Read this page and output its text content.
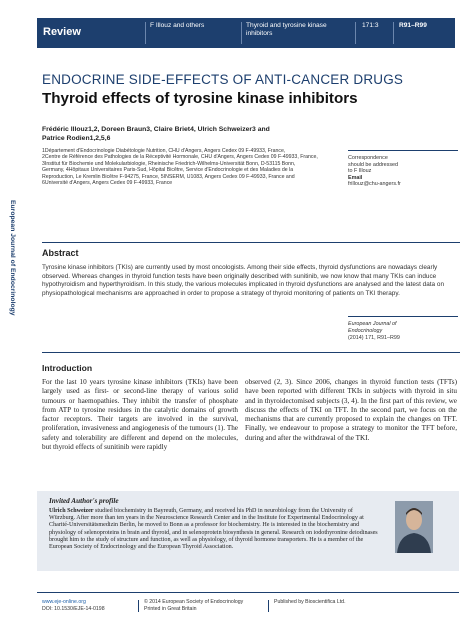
Review
F Illouz and others	Thyroid and tyrosine kinase inhibitors
171:3	R91–R99
European Journal of Endocrinology
ENDOCRINE SIDE-EFFECTS OF ANTI-CANCER DRUGS
Thyroid effects of tyrosine kinase inhibitors
Frédéric Illouz1,2, Doreen Braun3, Claire Briet4, Ulrich Schweizer3 and
Patrice Rodien1,2,5,6
1Département d'Endocrinologie Diabétologie Nutrition, CHU d'Angers, Angers Cedex 09 F-49933, France,
2Centre de Référence des Pathologies de la Réceptivité Hormonale, CHU d'Angers, Angers Cedex 09 F-49933, France,
3Institut für Biochemie und Molekularbiologie, Rheinische Friedrich-Wilhelms-Universität Bonn, D-53115 Bonn,
Germany, 4Hôpitaux Universitaires Paris-Sud, Hôpital Bicêtre, Service d'Endocrinologie et des Maladies de la
Reproduction, Le Kremlin Bicêtre F-94275, France, 5INSERM, U1083, Angers Cedex 09 F-49933, France and
6Université d'Angers, Angers Cedex 09 F-49933, France
Correspondence
should be addressed
to F Illouz
Email
frillouz@chu-angers.fr
Abstract
Tyrosine kinase inhibitors (TKIs) are currently used by most oncologists. Among their side effects, thyroid dysfunctions are nowadays clearly observed. Whereas changes in thyroid function tests have been originally described with sunitinib, we now know that many TKIs can induce hypothyroidism and hyperthyroidism. In this study, the various molecules implicated in thyroid dysfunctions are analysed and the latest data on physiopathological mechanisms are approached in order to propose a strategy of thyroid monitoring of patients on TKI therapy.
European Journal of
Endocrinology
(2014) 171, R91–R99
Introduction
For the last 10 years tyrosine kinase inhibitors (TKIs) have been largely used as first- or second-line therapy of various solid tumours or haemopathies. They inhibit the transfer of phosphate from ATP to tyrosine residues in the catalytic domains of growth factor receptors. Their targets are involved in the survival, proliferation, invasiveness and angiogenesis of the tumours (1). The safety and tolerability are different and depend on the molecules, but thyroid effects of sunitinib were rapidly
observed (2, 3). Since 2006, changes in thyroid function tests (TFTs) have been reported with different TKIs in subjects with thyroid in situ and in thyroidectomised subjects (3, 4). In the first part of this review, we discuss the effects of TKI on TFT. In the second part, we focus on the mechanisms that are currently proposed to explain the changes on TFT. Finally, we endeavour to propose a strategy to monitor the TFT before, during and after the withdrawal of the TKI.
Invited Author's profile
Ulrich Schweizer studied biochemistry in Bayreuth, Germany, and received his PhD in neurobiology from the University of Würzburg. After more than ten years in the Neuroscience Research Center and in the Institute for Experimental Endocrinology at Charité-Universitätsmedizin Berlin, he moved to Bonn as a professor for biochemistry. He is interested in the biochemistry and physiology of selenoproteins in brain and thyroid, and in selenoprotein biosynthesis in general. Research on iodothyronine deiodinases brought him to the study of structure and function, as well as physiology, of thyroid hormone transporters. He is a member of the European Society of Endocrinology and the European Thyroid Association.
www.eje-online.org
DOI: 10.1530/EJE-14-0198
© 2014 European Society of Endocrinology
Printed in Great Britain
Published by Bioscientifica Ltd.
